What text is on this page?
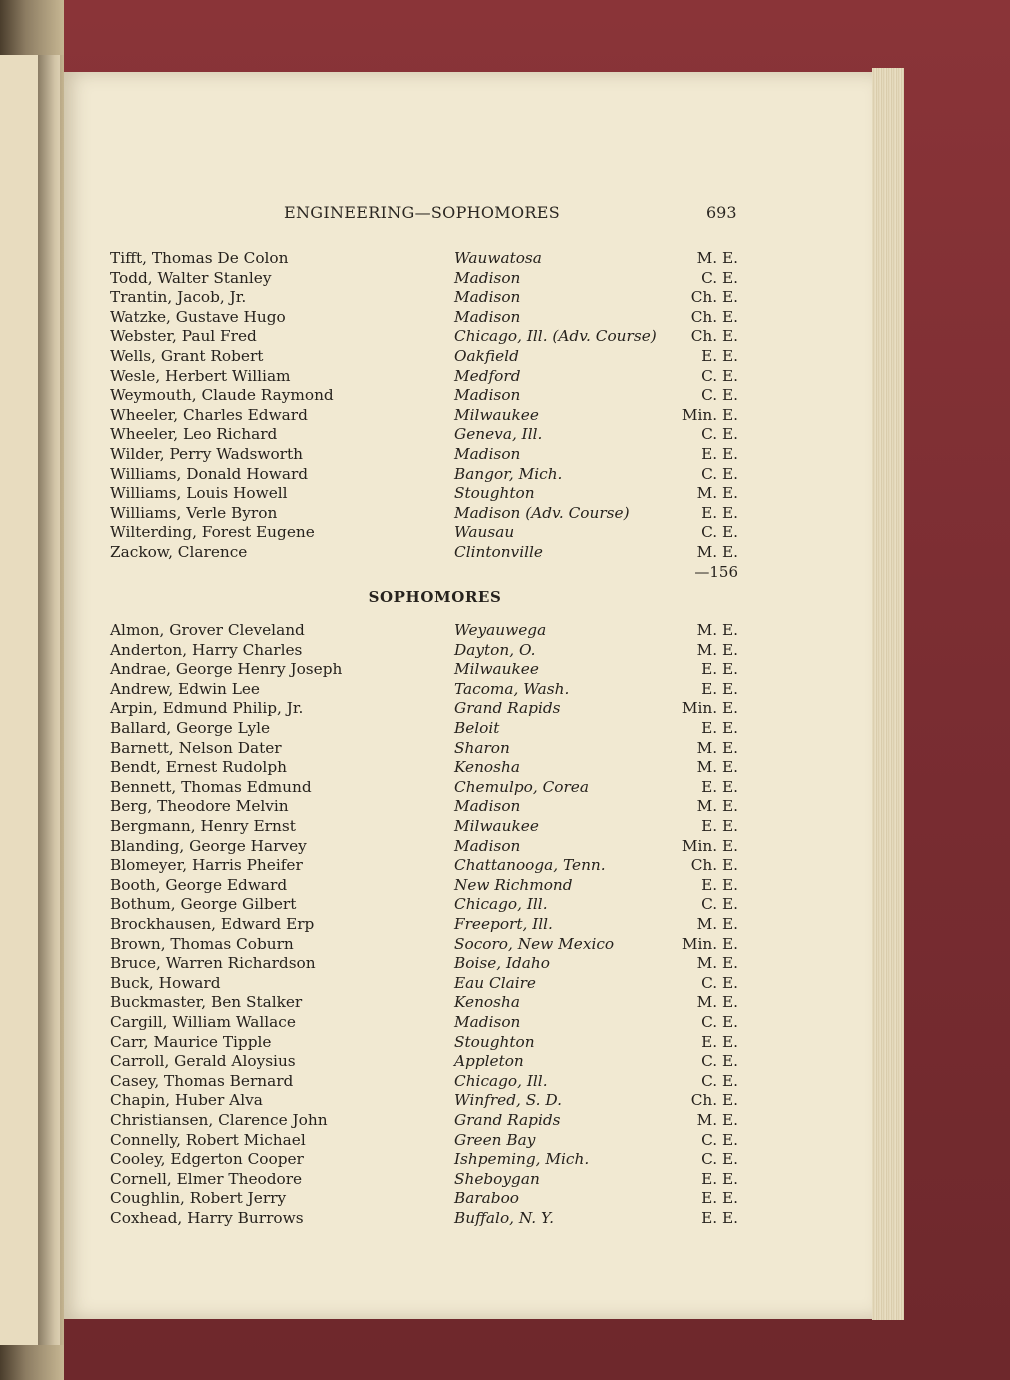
ENGINEERING—SOPHOMORES	693
Tifft, Thomas De Colon	Wauwatosa	M. E.
Todd, Walter Stanley	Madison	C. E.
Trantin, Jacob, Jr.	Madison	Ch. E.
Watzke, Gustave Hugo	Madison	Ch. E.
Webster, Paul Fred	Chicago, Ill. (Adv. Course) Ch. E.
Wells, Grant Robert	Oakfield	E. E.
Wesle, Herbert William	Medford	C. E.
Weymouth, Claude Raymond	Madison	C. E.
Wheeler, Charles Edward	Milwaukee	Min. E.
Wheeler, Leo Richard	Geneva, Ill.	C. E.
Wilder, Perry Wadsworth	Madison	E. E.
Williams, Donald Howard	Bangor, Mich.	C. E.
Williams, Louis Howell	Stoughton	M. E.
Williams, Verle Byron	Madison (Adv. Course)	E. E.
Wilterding, Forest Eugene	Wausau	C. E.
Zackow, Clarence	Clintonville	M. E.
—156
SOPHOMORES
Almon, Grover Cleveland	Weyauwega	M. E.
Anderton, Harry Charles	Dayton, O.	M. E.
Andrae, George Henry Joseph	Milwaukee	E. E.
Andrew, Edwin Lee	Tacoma, Wash.	E. E.
Arpin, Edmund Philip, Jr.	Grand Rapids	Min. E.
Ballard, George Lyle	Beloit	E. E.
Barnett, Nelson Dater	Sharon	M. E.
Bendt, Ernest Rudolph	Kenosha	M. E.
Bennett, Thomas Edmund	Chemulpo, Corea	E. E.
Berg, Theodore Melvin	Madison	M. E.
Bergmann, Henry Ernst	Milwaukee	E. E.
Blanding, George Harvey	Madison	Min. E.
Blomeyer, Harris Pheifer	Chattanooga, Tenn.	Ch. E.
Booth, George Edward	New Richmond	E. E.
Bothum, George Gilbert	Chicago, Ill.	C. E.
Brockhausen, Edward Erp	Freeport, Ill.	M. E.
Brown, Thomas Coburn	Socoro, New Mexico	Min. E.
Bruce, Warren Richardson	Boise, Idaho	M. E.
Buck, Howard	Eau Claire	C. E.
Buckmaster, Ben Stalker	Kenosha	M. E.
Cargill, William Wallace	Madison	C. E.
Carr, Maurice Tipple	Stoughton	E. E.
Carroll, Gerald Aloysius	Appleton	C. E.
Casey, Thomas Bernard	Chicago, Ill.	C. E.
Chapin, Huber Alva	Winfred, S. D.	Ch. E.
Christiansen, Clarence John	Grand Rapids	M. E.
Connelly, Robert Michael	Green Bay	C. E.
Cooley, Edgerton Cooper	Ishpeming, Mich.	C. E.
Cornell, Elmer Theodore	Sheboygan	E. E.
Coughlin, Robert Jerry	Baraboo	E. E.
Coxhead, Harry Burrows	Buffalo, N. Y.	E. E.
